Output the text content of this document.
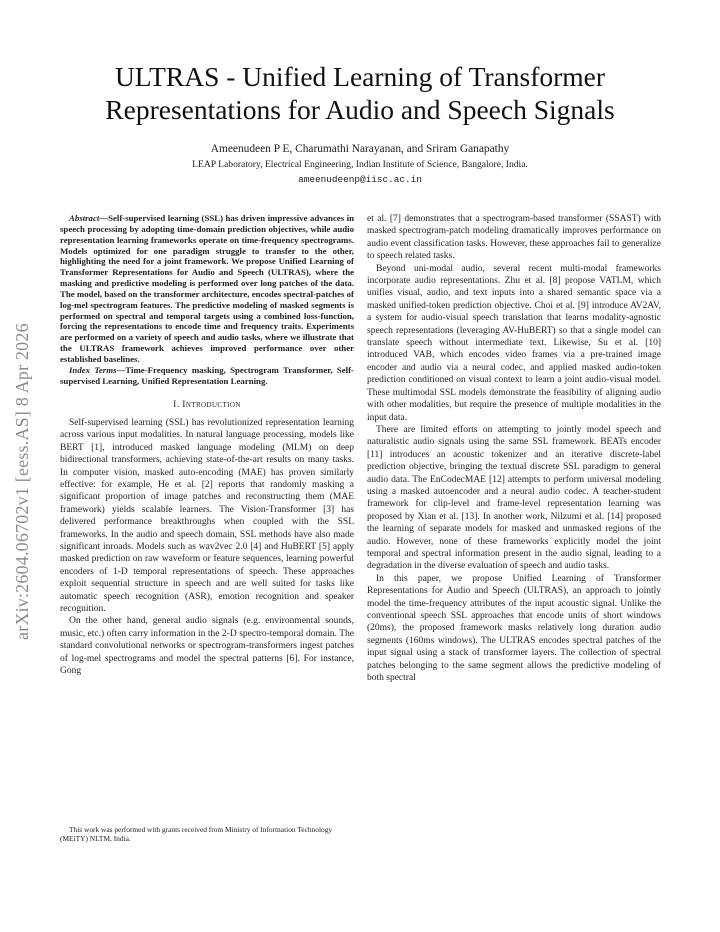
arXiv:2604.06702v1 [eess.AS] 8 Apr 2026
ULTRAS - Unified Learning of Transformer
Representations for Audio and Speech Signals
Ameenudeen P E, Charumathi Narayanan, and Sriram Ganapathy
LEAP Laboratory, Electrical Engineering, Indian Institute of Science, Bangalore, India.
ameenudeenp@iisc.ac.in

Abstract—Self-supervised learning (SSL) has driven impressive advances in speech processing by adopting time-domain prediction objectives, while audio representation learning frameworks operate on time-frequency spectrograms. Models optimized for one paradigm struggle to transfer to the other, highlighting the need for a joint framework. We propose Unified Learning of Transformer Representations for Audio and Speech (ULTRAS), where the masking and predictive modeling is performed over long patches of the data. The model, based on the transformer architecture, encodes spectral-patches of log-mel spectrogram features. The predictive modeling of masked segments is performed on spectral and temporal targets using a combined loss-function, forcing the representations to encode time and frequency traits. Experiments are performed on a variety of speech and audio tasks, where we illustrate that the ULTRAS framework achieves improved performance over other established baselines.

Index Terms—Time-Frequency masking, Spectrogram Transformer, Self-supervised Learning, Unified Representation Learning.

I. Introduction

Self-supervised learning (SSL) has revolutionized representation learning across various input modalities. In natural language processing, models like BERT [1], introduced masked language modeling (MLM) on deep bidirectional transformers, achieving state-of-the-art results on many tasks. In computer vision, masked auto-encoding (MAE) has proven similarly effective: for example, He et al. [2] reports that randomly masking a significant proportion of image patches and reconstructing them (MAE framework) yields scalable learners. The Vision-Transformer [3] has delivered performance breakthroughs when coupled with the SSL frameworks. In the audio and speech domain, SSL methods have also made significant inroads. Models such as wav2vec 2.0 [4] and HuBERT [5] apply masked prediction on raw waveform or feature sequences, learning powerful encoders of 1-D temporal representations of speech. These approaches exploit sequential structure in speech and are well suited for tasks like automatic speech recognition (ASR), emotion recognition and speaker recognition.

On the other hand, general audio signals (e.g. environmental sounds, music, etc.) often carry information in the 2-D spectro-temporal domain. The standard convolutional networks or spectrogram-transformers ingest patches of log-mel spectrograms and model the spectral patterns [6]. For instance, Gong

et al. [7] demonstrates that a spectrogram-based transformer (SSAST) with masked spectrogram-patch modeling dramatically improves performance on audio event classification tasks. However, these approaches fail to generalize to speech related tasks.

Beyond uni-modal audio, several recent multi-modal frameworks incorporate audio representations. Zhu et al. [8] propose VATLM, which unifies visual, audio, and text inputs into a shared semantic space via a masked unified-token prediction objective. Choi et al. [9] introduce AV2AV, a system for audio-visual speech translation that learns modality-agnostic speech representations (leveraging AV-HuBERT) so that a single model can translate speech without intermediate text. Likewise, Su et al. [10] introduced VAB, which encodes video frames via a pre-trained image encoder and audio via a neural codec, and applied masked audio-token prediction conditioned on visual context to learn a joint audio-visual model. These multimodal SSL models demonstrate the feasibility of aligning audio with other modalities, but require the presence of multiple modalities in the input data.

There are limited efforts on attempting to jointly model speech and naturalistic audio signals using the same SSL framework. BEATs encoder [11] introduces an acoustic tokenizer and an iterative discrete-label prediction objective, bringing the textual discrete SSL paradigm to general audio data. The EnCodecMAE [12] attempts to perform universal modeling using a masked autoencoder and a neural audio codec. A teacher-student framework for clip-level and frame-level representation learning was proposed by Xian et al. [13]. In another work, Nilzumi et al. [14] proposed the learning of separate models for masked and unmasked regions of the audio. However, none of these frameworks explicitly model the joint temporal and spectral information present in the audio signal, leading to a degradation in the diverse evaluation of speech and audio tasks.

In this paper, we propose Unified Learning of Transformer Representations for Audio and Speech (ULTRAS), an approach to jointly model the time-frequency attributes of the input acoustic signal. Unlike the conventional speech SSL approaches that encode units of short windows (20ms), the proposed framework masks relatively long duration audio segments (160ms windows). The ULTRAS encodes spectral patches of the input signal using a stack of transformer layers. The collection of spectral patches belonging to the same segment allows the predictive modeling of both spectral

This work was performed with grants received from Ministry of Information Technology (MEiTY) NLTM, India.
